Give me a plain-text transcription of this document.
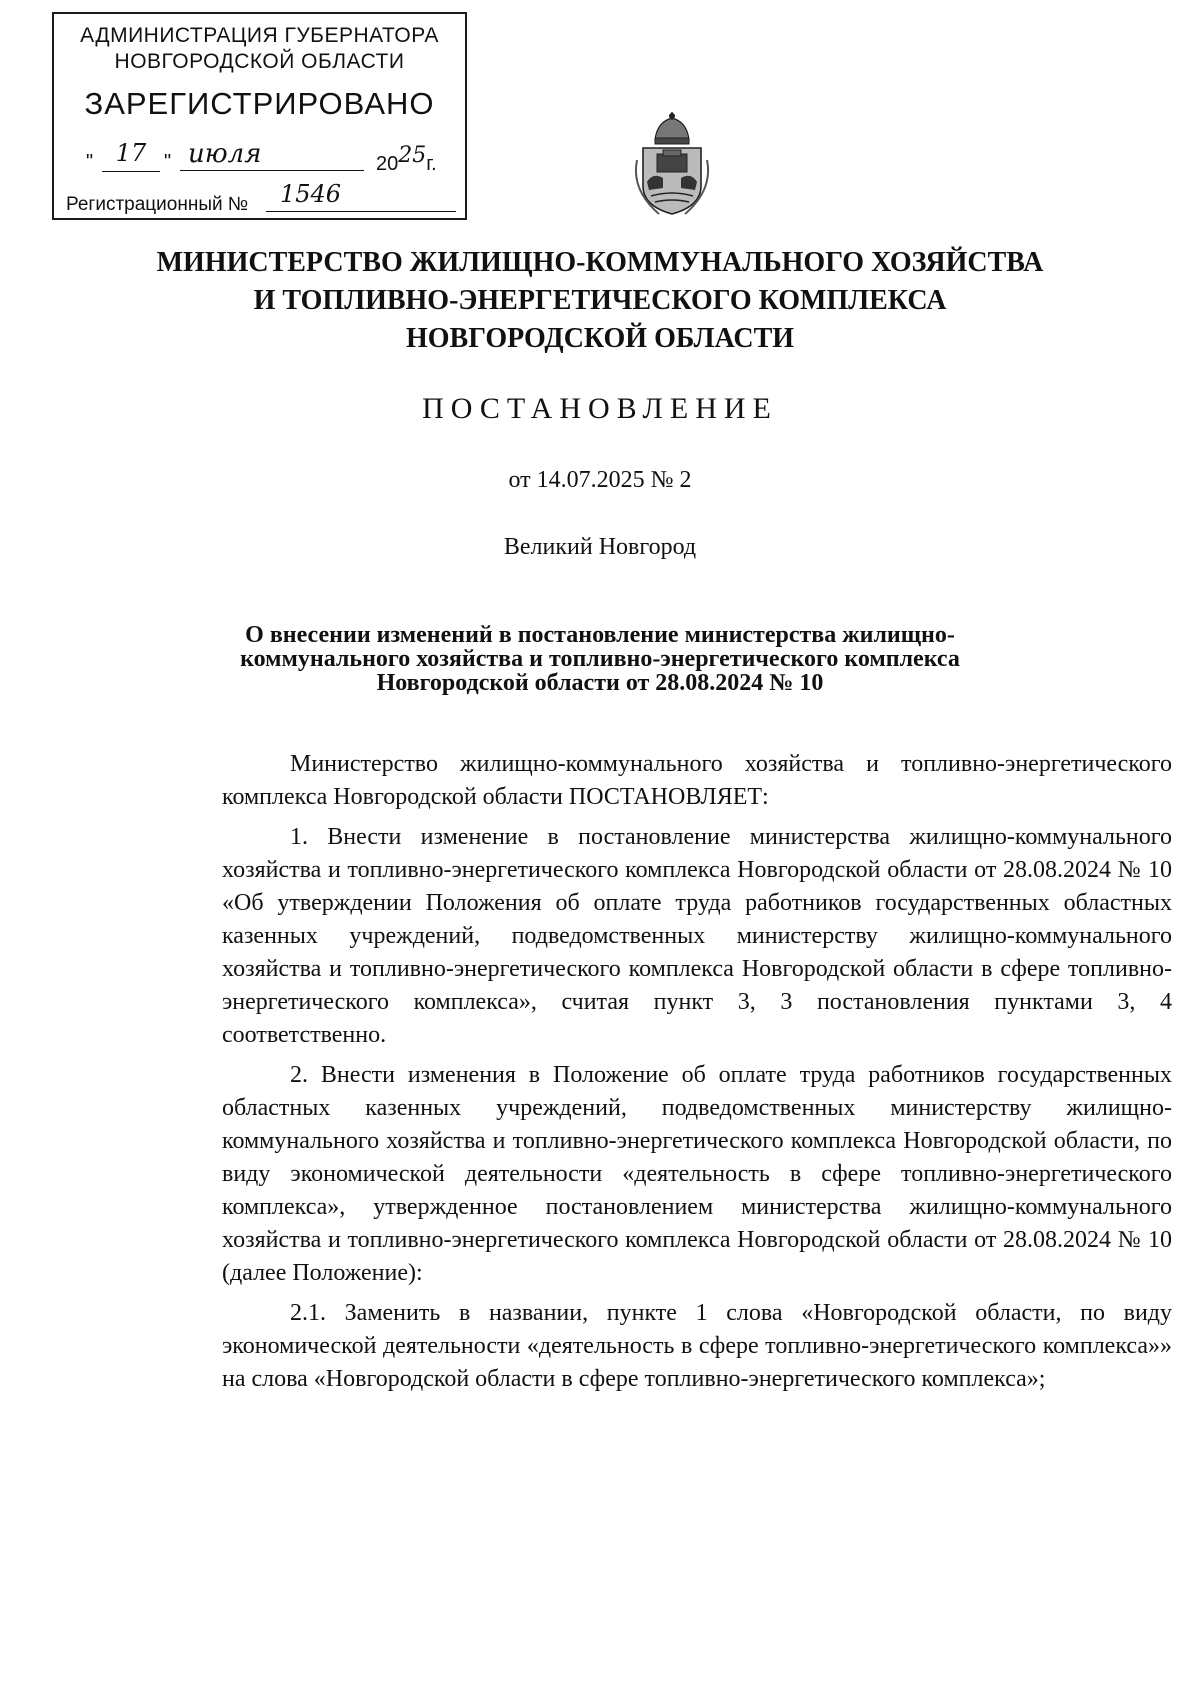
АДМИНИСТРАЦИЯ ГУБЕРНАТОРА
НОВГОРОДСКОЙ ОБЛАСТИ
ЗАРЕГИСТРИРОВАНО
" 17 " июля	2025г.
Регистрационный №	1546
МИНИСТЕРСТВО ЖИЛИЩНО-КОММУНАЛЬНОГО ХОЗЯЙСТВА
И ТОПЛИВНО-ЭНЕРГЕТИЧЕСКОГО КОМПЛЕКСА
НОВГОРОДСКОЙ ОБЛАСТИ
ПОСТАНОВЛЕНИЕ
от 14.07.2025 № 2
Великий Новгород
О внесении изменений в постановление министерства жилищно-
коммунального хозяйства и топливно-энергетического комплекса
Новгородской области от 28.08.2024 № 10

Министерство жилищно-коммунального хозяйства и топливно-энергетического комплекса Новгородской области ПОСТАНОВЛЯЕТ:

1. Внести изменение в постановление министерства жилищно-коммунального хозяйства и топливно-энергетического комплекса Новгородской области от 28.08.2024 № 10 «Об утверждении Положения об оплате труда работников государственных областных казенных учреждений, подведомственных министерству жилищно-коммунального хозяйства и топливно-энергетического комплекса Новгородской области в сфере топливно-энергетического комплекса», считая пункт 3, 3 постановления пунктами 3, 4 соответственно.

2. Внести изменения в Положение об оплате труда работников государственных областных казенных учреждений, подведомственных министерству жилищно-коммунального хозяйства и топливно-энергетического комплекса Новгородской области, по виду экономической деятельности «деятельность в сфере топливно-энергетического комплекса», утвержденное постановлением министерства жилищно-коммунального хозяйства и топливно-энергетического комплекса Новгородской области от 28.08.2024 № 10 (далее Положение):

2.1. Заменить в названии, пункте 1 слова «Новгородской области, по виду экономической деятельности «деятельность в сфере топливно-энергетического комплекса»» на слова «Новгородской области в сфере топливно-энергетического комплекса»;
